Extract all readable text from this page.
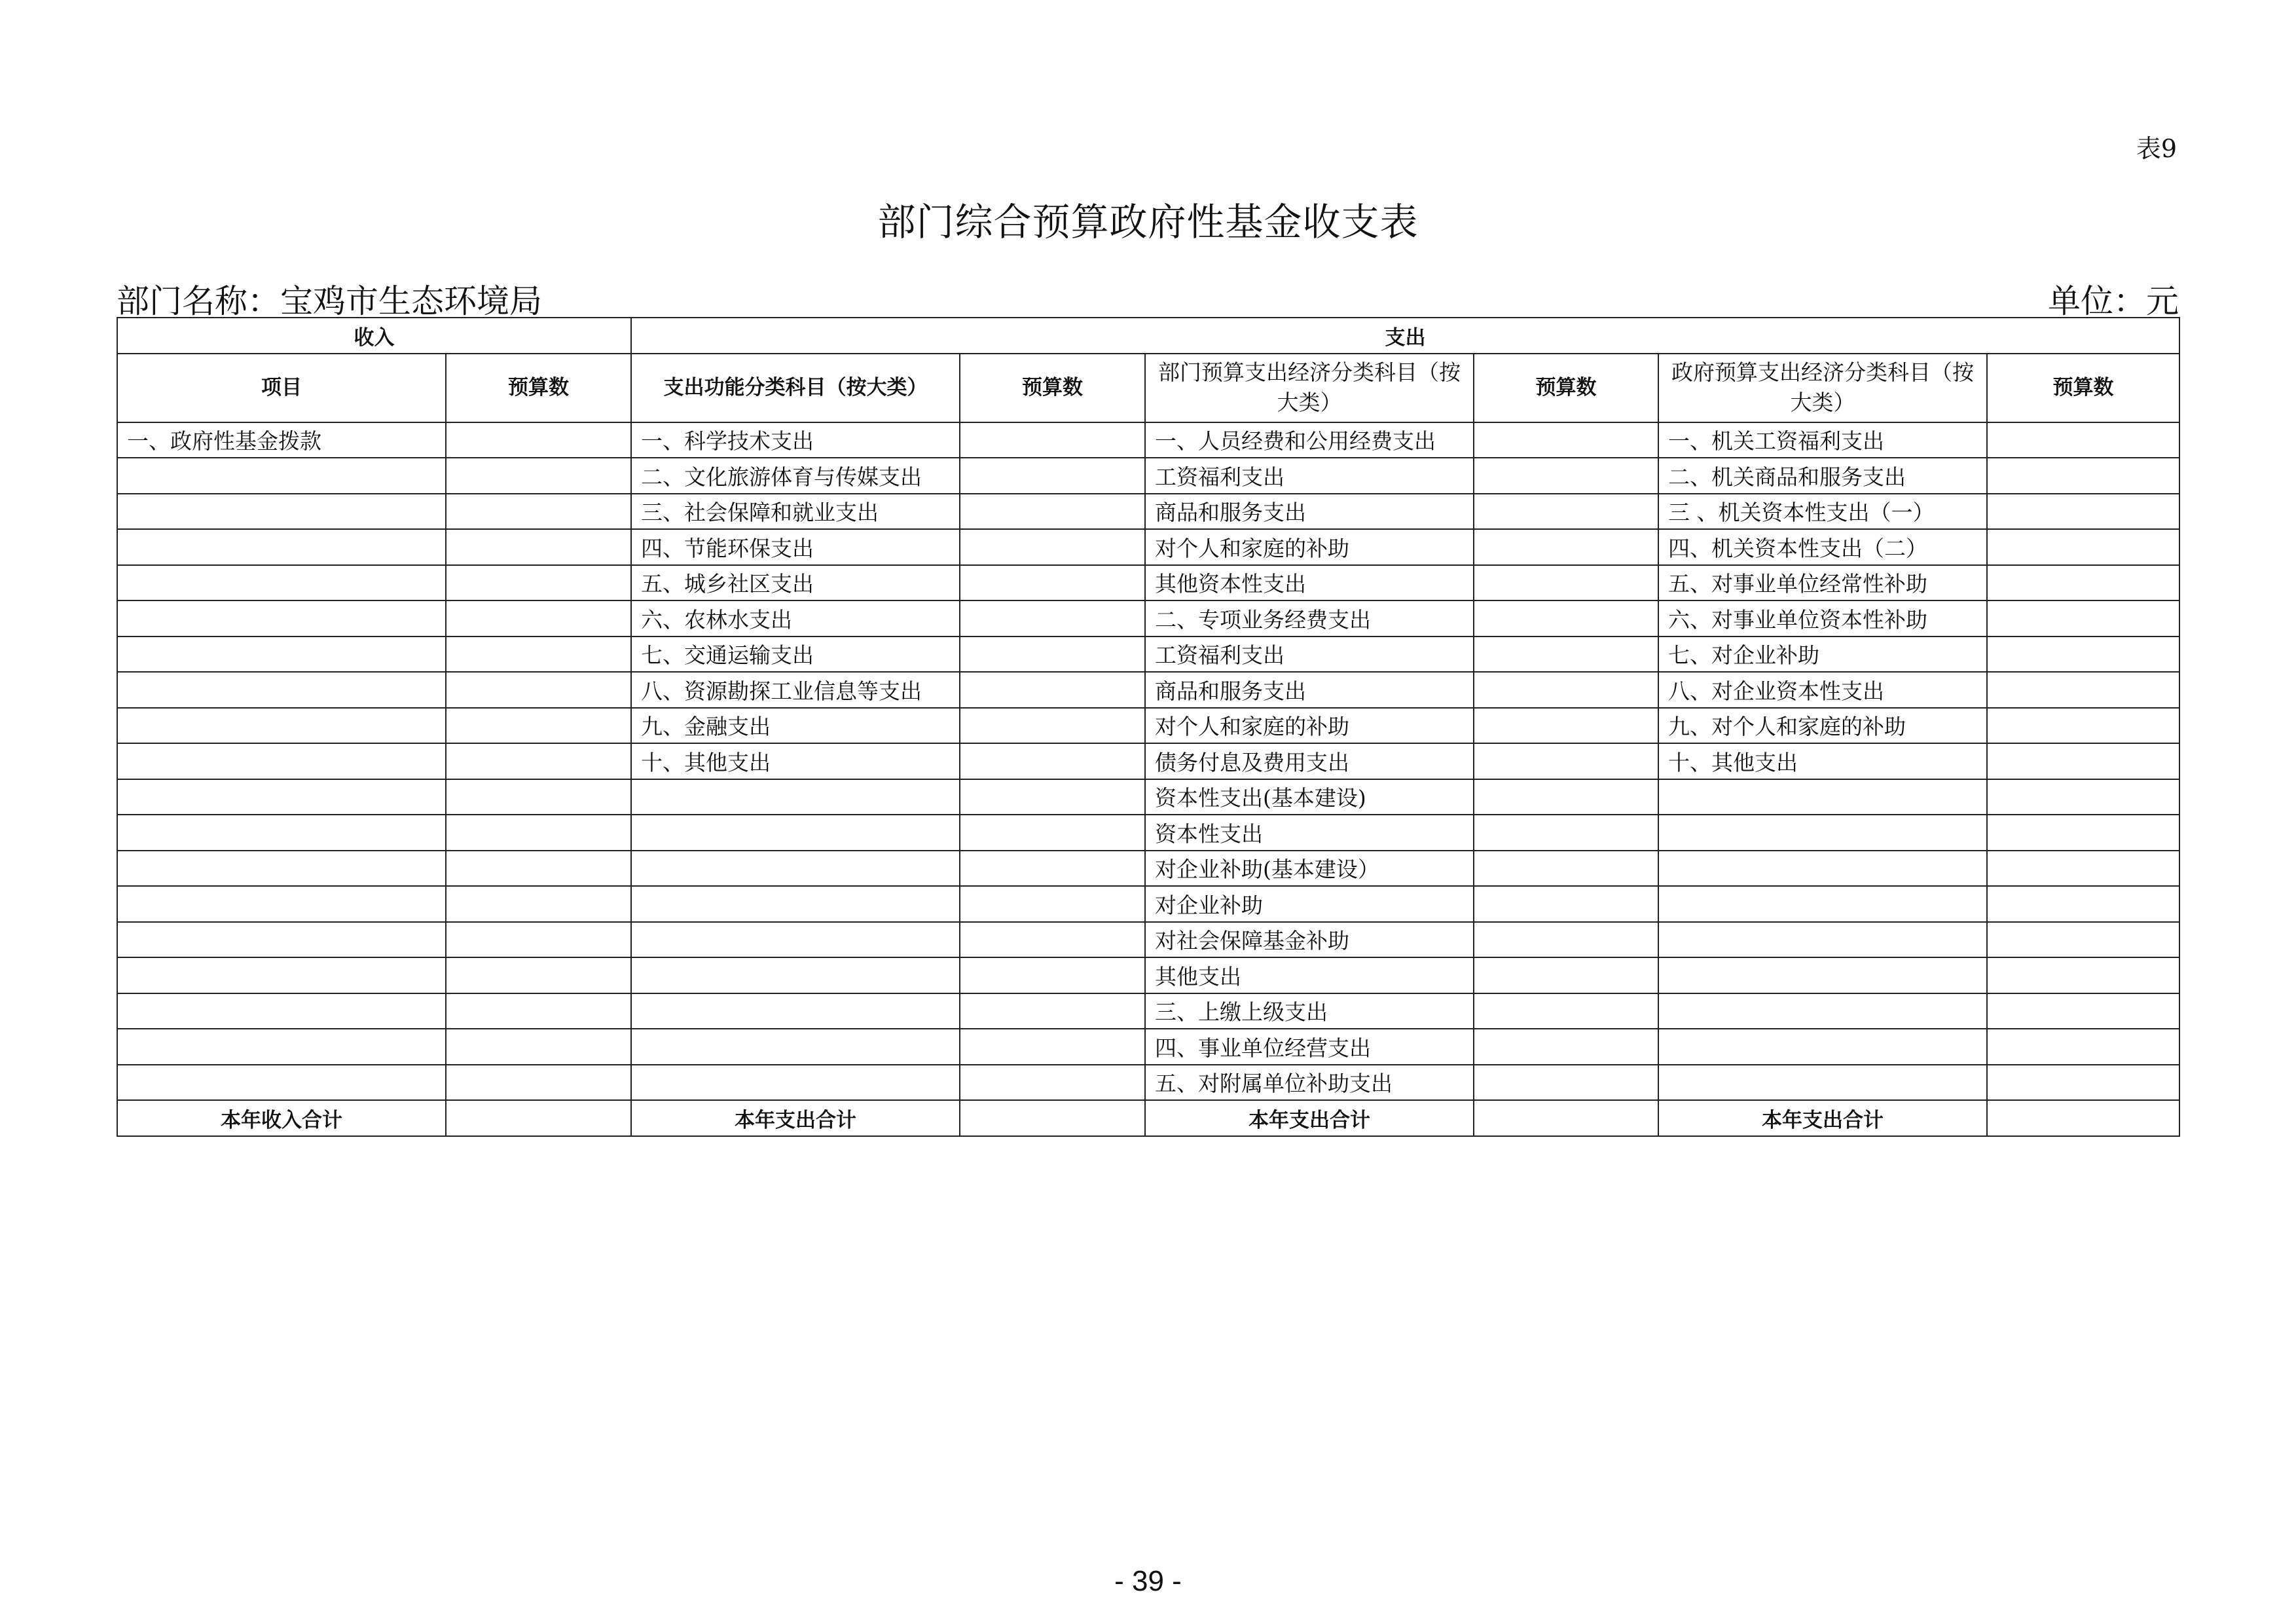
表9
部门综合预算政府性基金收支表
部门名称：宝鸡市生态环境局	单位：元
收入		支出					
项目	预算数	支出功能分类科目（按大类）	预算数	部门预算支出经济分类科目（按大类）	预算数	政府预算支出经济分类科目（按大类）	预算数
一、政府性基金拨款		一、科学技术支出		一、人员经费和公用经费支出		一、机关工资福利支出	
		二、文化旅游体育与传媒支出		工资福利支出		二、机关商品和服务支出	
		三、社会保障和就业支出		商品和服务支出		三 、机关资本性支出（一）	
		四、节能环保支出		对个人和家庭的补助		四、机关资本性支出（二）	
		五、城乡社区支出		其他资本性支出		五、对事业单位经常性补助	
		六、农林水支出		二、专项业务经费支出		六、对事业单位资本性补助	
		七、交通运输支出		工资福利支出		七、对企业补助	
		八、资源勘探工业信息等支出		商品和服务支出		八、对企业资本性支出	
		九、金融支出		对个人和家庭的补助		九、对个人和家庭的补助	
		十、其他支出		债务付息及费用支出		十、其他支出	
				资本性支出(基本建设)			
				资本性支出			
				对企业补助(基本建设）			
				对企业补助			
				对社会保障基金补助			
				其他支出			
				三、上缴上级支出			
				四、事业单位经营支出			
				五、对附属单位补助支出			
本年收入合计		本年支出合计		本年支出合计		本年支出合计	
- 39 -
